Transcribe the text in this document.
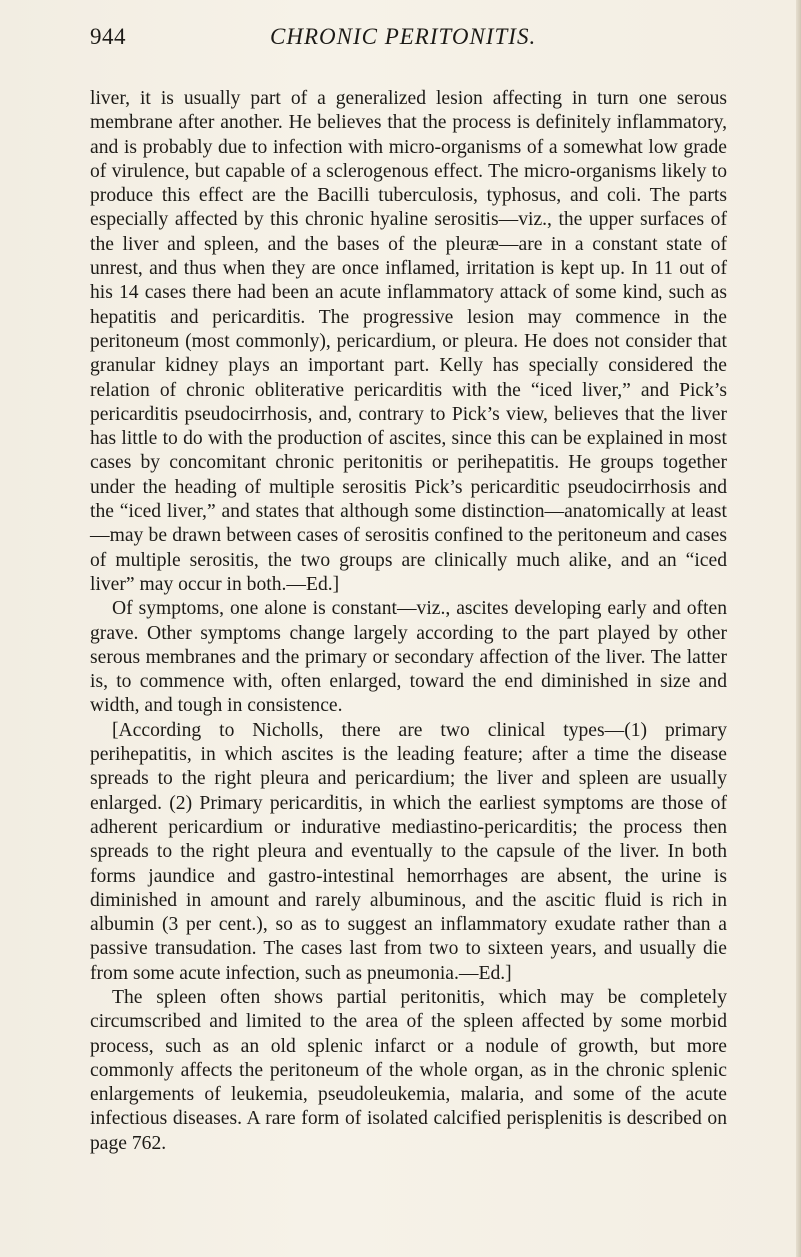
944	CHRONIC PERITONITIS.

liver, it is usually part of a generalized lesion affecting in turn one serous membrane after another. He believes that the process is definitely inflammatory, and is probably due to infection with micro-organisms of a somewhat low grade of virulence, but capable of a sclerogenous effect. The micro-organisms likely to produce this effect are the Bacilli tuberculosis, typhosus, and coli. The parts especially affected by this chronic hyaline serositis—viz., the upper surfaces of the liver and spleen, and the bases of the pleuræ—are in a constant state of unrest, and thus when they are once inflamed, irritation is kept up. In 11 out of his 14 cases there had been an acute inflammatory attack of some kind, such as hepatitis and pericarditis. The progressive lesion may commence in the peritoneum (most commonly), pericardium, or pleura. He does not consider that granular kidney plays an important part. Kelly has specially considered the relation of chronic obliterative pericarditis with the “iced liver,” and Pick’s pericarditis pseudocirrhosis, and, contrary to Pick’s view, believes that the liver has little to do with the production of ascites, since this can be explained in most cases by concomitant chronic peritonitis or perihepatitis. He groups together under the heading of multiple serositis Pick’s pericarditic pseudocirrhosis and the “iced liver,” and states that although some distinction—anatomically at least—may be drawn between cases of serositis confined to the peritoneum and cases of multiple serositis, the two groups are clinically much alike, and an “iced liver” may occur in both.—Ed.]

Of symptoms, one alone is constant—viz., ascites developing early and often grave. Other symptoms change largely according to the part played by other serous membranes and the primary or secondary affection of the liver. The latter is, to commence with, often enlarged, toward the end diminished in size and width, and tough in consistence.

[According to Nicholls, there are two clinical types—(1) primary perihepatitis, in which ascites is the leading feature; after a time the disease spreads to the right pleura and pericardium; the liver and spleen are usually enlarged. (2) Primary pericarditis, in which the earliest symptoms are those of adherent pericardium or indurative mediastino-pericarditis; the process then spreads to the right pleura and eventually to the capsule of the liver. In both forms jaundice and gastro-intestinal hemorrhages are absent, the urine is diminished in amount and rarely albuminous, and the ascitic fluid is rich in albumin (3 per cent.), so as to suggest an inflammatory exudate rather than a passive transudation. The cases last from two to sixteen years, and usually die from some acute infection, such as pneumonia.—Ed.]

The spleen often shows partial peritonitis, which may be completely circumscribed and limited to the area of the spleen affected by some morbid process, such as an old splenic infarct or a nodule of growth, but more commonly affects the peritoneum of the whole organ, as in the chronic splenic enlargements of leukemia, pseudoleukemia, malaria, and some of the acute infectious diseases. A rare form of isolated calcified perisplenitis is described on page 762.
